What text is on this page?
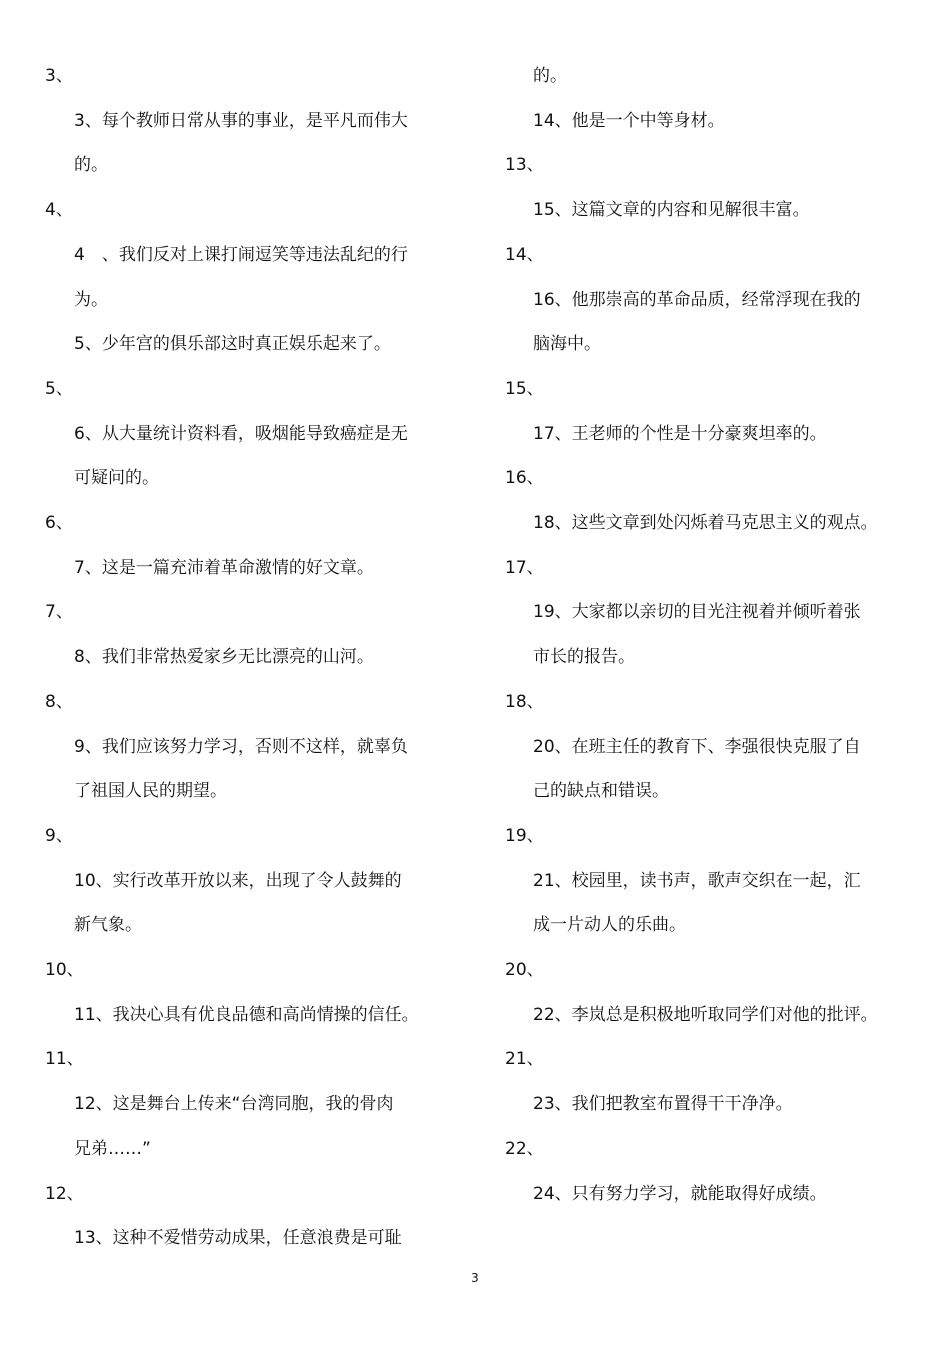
3、
3、每个教师日常从事的事业，是平凡而伟大
的。
4、
4　、我们反对上课打闹逗笑等违法乱纪的行
为。
5、少年宫的俱乐部这时真正娱乐起来了。
5、
6、从大量统计资料看，吸烟能导致癌症是无
可疑问的。
6、
7、这是一篇充沛着革命激情的好文章。
7、
8、我们非常热爱家乡无比漂亮的山河。
8、
9、我们应该努力学习，否则不这样，就辜负
了祖国人民的期望。
9、
10、实行改革开放以来，出现了令人鼓舞的
新气象。
10、
11、我决心具有优良品德和高尚情操的信任。
11、
12、这是舞台上传来“台湾同胞，我的骨肉
兄弟……”
12、
13、这种不爱惜劳动成果，任意浪费是可耻
的。
14、他是一个中等身材。
13、
15、这篇文章的内容和见解很丰富。
14、
16、他那崇高的革命品质，经常浮现在我的
脑海中。
15、
17、王老师的个性是十分豪爽坦率的。
16、
18、这些文章到处闪烁着马克思主义的观点。
17、
19、大家都以亲切的目光注视着并倾听着张
市长的报告。
18、
20、在班主任的教育下、李强很快克服了自
己的缺点和错误。
19、
21、校园里，读书声，歌声交织在一起，汇
成一片动人的乐曲。
20、
22、李岚总是积极地听取同学们对他的批评。
21、
23、我们把教室布置得干干净净。
22、
24、只有努力学习，就能取得好成绩。
3
